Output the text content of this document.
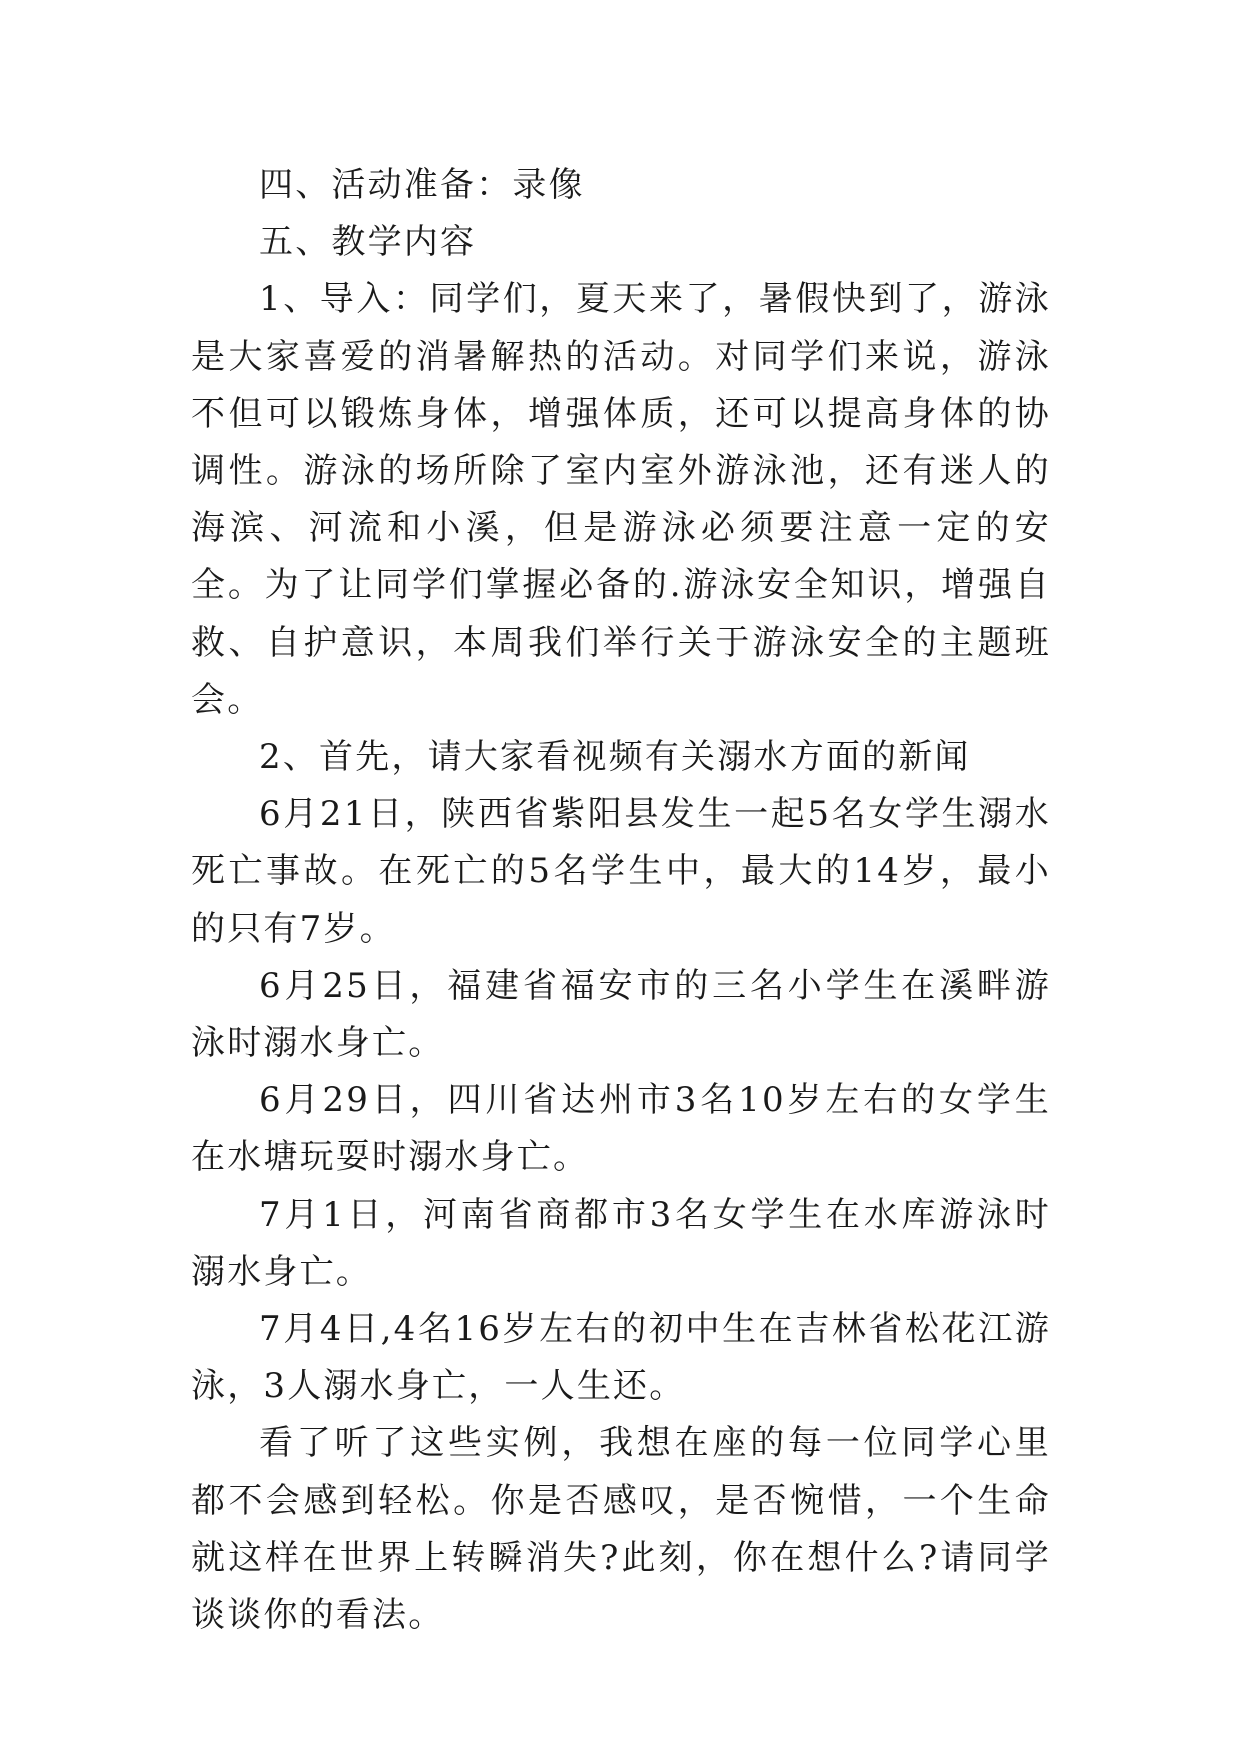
四、活动准备：录像

五、教学内容

1、导入：同学们，夏天来了，暑假快到了，游泳是大家喜爱的消暑解热的活动。对同学们来说，游泳不但可以锻炼身体，增强体质，还可以提高身体的协调性。游泳的场所除了室内室外游泳池，还有迷人的海滨、河流和小溪，但是游泳必须要注意一定的安全。为了让同学们掌握必备的.游泳安全知识，增强自救、自护意识，本周我们举行关于游泳安全的主题班会。

2、首先，请大家看视频有关溺水方面的新闻

6月21日，陕西省紫阳县发生一起5名女学生溺水死亡事故。在死亡的5名学生中，最大的14岁，最小的只有7岁。

6月25日，福建省福安市的三名小学生在溪畔游泳时溺水身亡。

6月29日，四川省达州市3名10岁左右的女学生在水塘玩耍时溺水身亡。

7月1日，河南省商都市3名女学生在水库游泳时溺水身亡。

7月4日,4名16岁左右的初中生在吉林省松花江游泳，3人溺水身亡，一人生还。

看了听了这些实例，我想在座的每一位同学心里都不会感到轻松。你是否感叹，是否惋惜，一个生命就这样在世界上转瞬消失?此刻，你在想什么?请同学谈谈你的看法。
